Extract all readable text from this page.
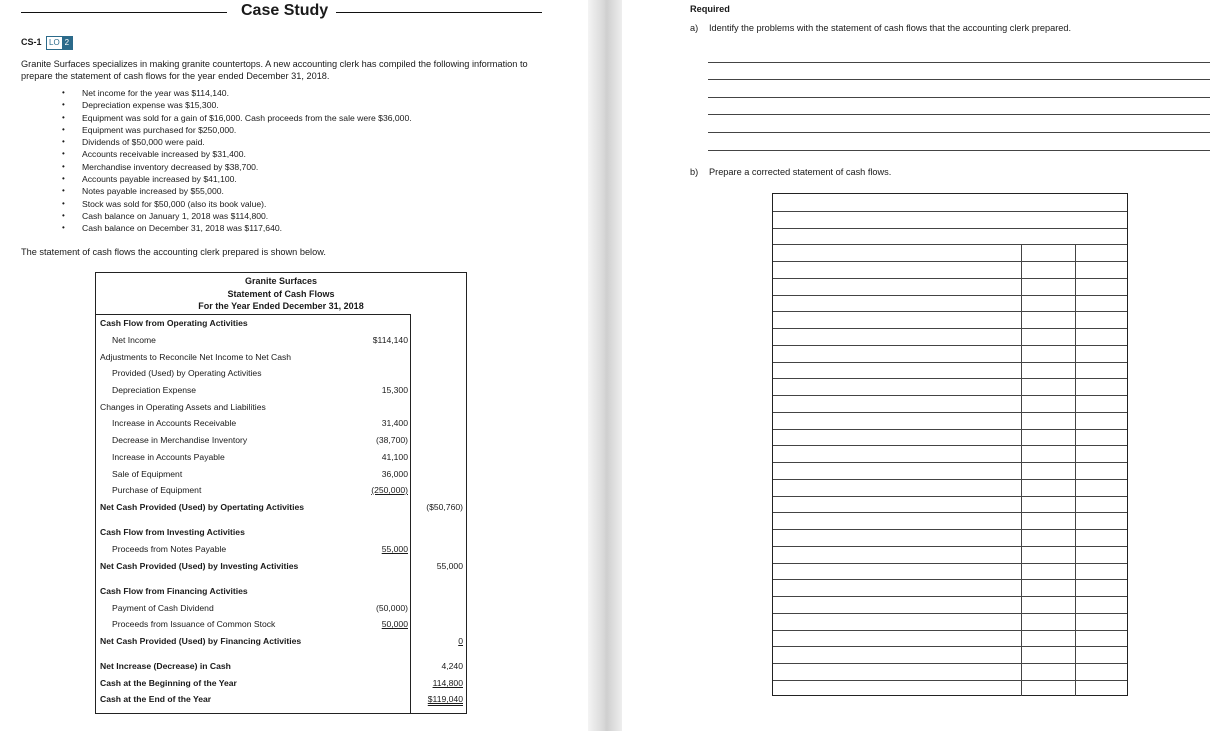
Case Study
CS-1 LO 2
Granite Surfaces specializes in making granite countertops. A new accounting clerk has compiled the following information to prepare the statement of cash flows for the year ended December 31, 2018.
• Net income for the year was $114,140.
• Depreciation expense was $15,300.
• Equipment was sold for a gain of $16,000. Cash proceeds from the sale were $36,000.
• Equipment was purchased for $250,000.
• Dividends of $50,000 were paid.
• Accounts receivable increased by $31,400.
• Merchandise inventory decreased by $38,700.
• Accounts payable increased by $41,100.
• Notes payable increased by $55,000.
• Stock was sold for $50,000 (also its book value).
• Cash balance on January 1, 2018 was $114,800.
• Cash balance on December 31, 2018 was $117,640.
The statement of cash flows the accounting clerk prepared is shown below.
Granite Surfaces
Statement of Cash Flows
For the Year Ended December 31, 2018
Cash Flow from Operating Activities
Net Income	$114,140
Adjustments to Reconcile Net Income to Net Cash
Provided (Used) by Operating Activities
Depreciation Expense	15,300
Changes in Operating Assets and Liabilities
Increase in Accounts Receivable	31,400
Decrease in Merchandise Inventory	(38,700)
Increase in Accounts Payable	41,100
Sale of Equipment	36,000
Purchase of Equipment	(250,000)
Net Cash Provided (Used) by Opertating Activities	($50,760)
Cash Flow from Investing Activities
Proceeds from Notes Payable	55,000
Net Cash Provided (Used) by Investing Activities	55,000
Cash Flow from Financing Activities
Payment of Cash Dividend	(50,000)
Proceeds from Issuance of Common Stock	50,000
Net Cash Provided (Used) by Financing Activities	0
Net Increase (Decrease) in Cash	4,240
Cash at the Beginning of the Year	114,800
Cash at the End of the Year	$119,040
Required
a) Identify the problems with the statement of cash flows that the accounting clerk prepared.
b) Prepare a corrected statement of cash flows.
